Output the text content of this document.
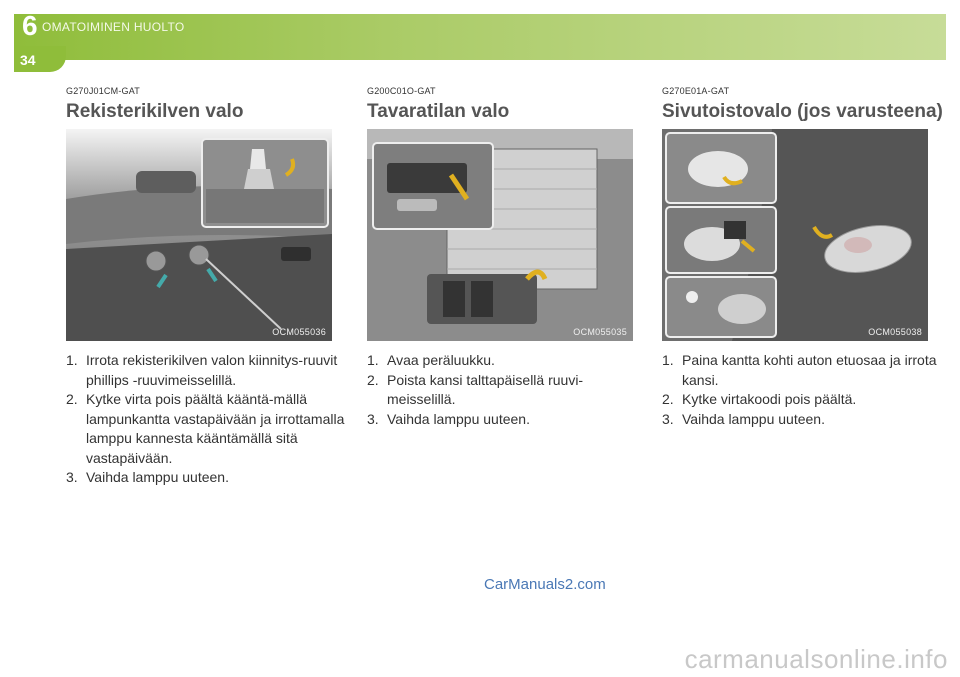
6 OMATOIMINEN HUOLTO
34
G270J01CM-GAT
Rekisterikilven valo
OCM055036
1. Irrota rekisterikilven valon kiinnitys-ruuvit phillips -ruuvimeisselillä.
2. Kytke virta pois päältä kääntä-mällä lampunkantta vastapäivään ja irrottamalla lamppu kannesta kääntämällä sitä vastapäivään.
3. Vaihda lamppu uuteen.
G200C01O-GAT
Tavaratilan valo
OCM055035
1. Avaa peräluukku.
2. Poista kansi talttapäisellä ruuvi-meisselillä.
3. Vaihda lamppu uuteen.
G270E01A-GAT
Sivutoistovalo (jos varusteena)
OCM055038
1. Paina kantta kohti auton etuosaa ja irrota kansi.
2. Kytke virtakoodi pois päältä.
3. Vaihda lamppu uuteen.
CarManuals2.com
carmanualsonline.info
